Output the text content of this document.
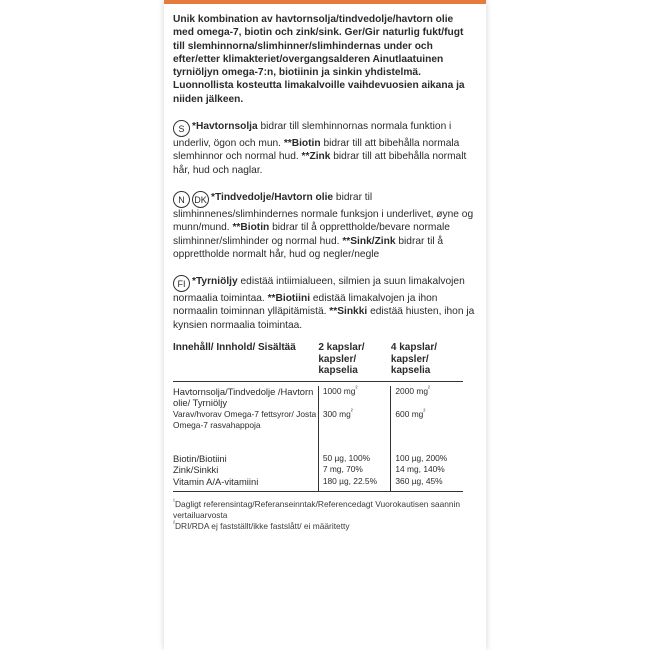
Unik kombination av havtornsolja/tindvedolje/havtorn olie med omega-7, biotin och zink/sink. Ger/Gir naturlig fukt/fugt till slemhinnorna/slimhinner/slimhindernas under och efter/etter klimakteriet/overgangsalderen Ainutlaatuinen tyrniöljyn omega-7:n, biotiinin ja sinkin yhdistelmä. Luonnollista kosteutta limakalvoille vaihdevuosien aikana ja niiden jälkeen.

S *Havtornsolja bidrar till slemhinnornas normala funktion i underliv, ögon och mun. **Biotin bidrar till att bibehålla normala slemhinnor och normal hud. **Zink bidrar till att bibehålla normalt hår, hud och naglar.

N DK *Tindvedolje/Havtorn olie bidrar til slimhinnenes/slimhindernes normale funksjon i underlivet, øyne og munn/mund. **Biotin bidrar til å opprettholde/bevare normale slimhinner/slimhinder og normal hud. **Sink/Zink bidrar til å opprettholde normalt hår, hud og negler/negle

FI *Tyrniöljy edistää intiimialueen, silmien ja suun limakalvojen normaalia toimintaa. **Biotiini edistää limakalvojen ja ihon normaalin toiminnan ylläpitämistä. **Sinkki edistää hiusten, ihon ja kynsien normaalia toimintaa.

Innehåll/ Innhold/ Sisältää	2 kapslar/ kapsler/ kapselia	4 kapslar/ kapsler/ kapselia

Havtornsolja/Tindvedolje /Havtorn olie/ Tyrniöljy	1000 $mg^{^2}$	2000 $mg^{^2}$
Varav/hvorav Omega-7 fettsyror/ Josta Omega-7 rasvahappoja	300 $mg^{^2}$	600 $mg^{^2}$

Biotin/Biotiini	50 µg, 100%	100 µg, 200%
Zink/Sinkki	7 mg, 70%	14 mg, 140%
Vitamin A/A-vitamiini	180 µg, 22.5%	360 µg, 45%

$^{^1}$Dagligt referensintag/Referanseinntak/Referencedagt Vuorokautisen saannin vertailuarvosta
$^{^2}$DRI/RDA ej fastställt/ikke fastslått/ ei määritetty
